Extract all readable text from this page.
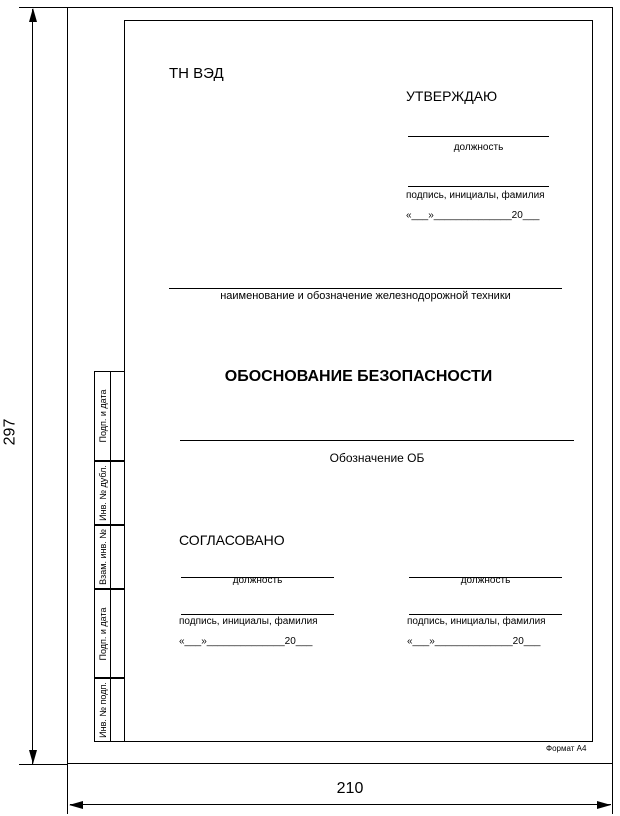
297
210
Подп. и дата
Инв. № дубл.
Взам. инв. №
Подп. и дата
Инв. № подп.
ТН ВЭД
УТВЕРЖДАЮ
должность
подпись, инициалы, фамилия
«___»______________20___
наименование и обозначение железнодорожной техники
ОБОСНОВАНИЕ БЕЗОПАСНОСТИ
Обозначение ОБ
СОГЛАСОВАНО
должность
подпись, инициалы, фамилия
«___»______________20___
должность
подпись, инициалы, фамилия
«___»______________20___
Формат А4
